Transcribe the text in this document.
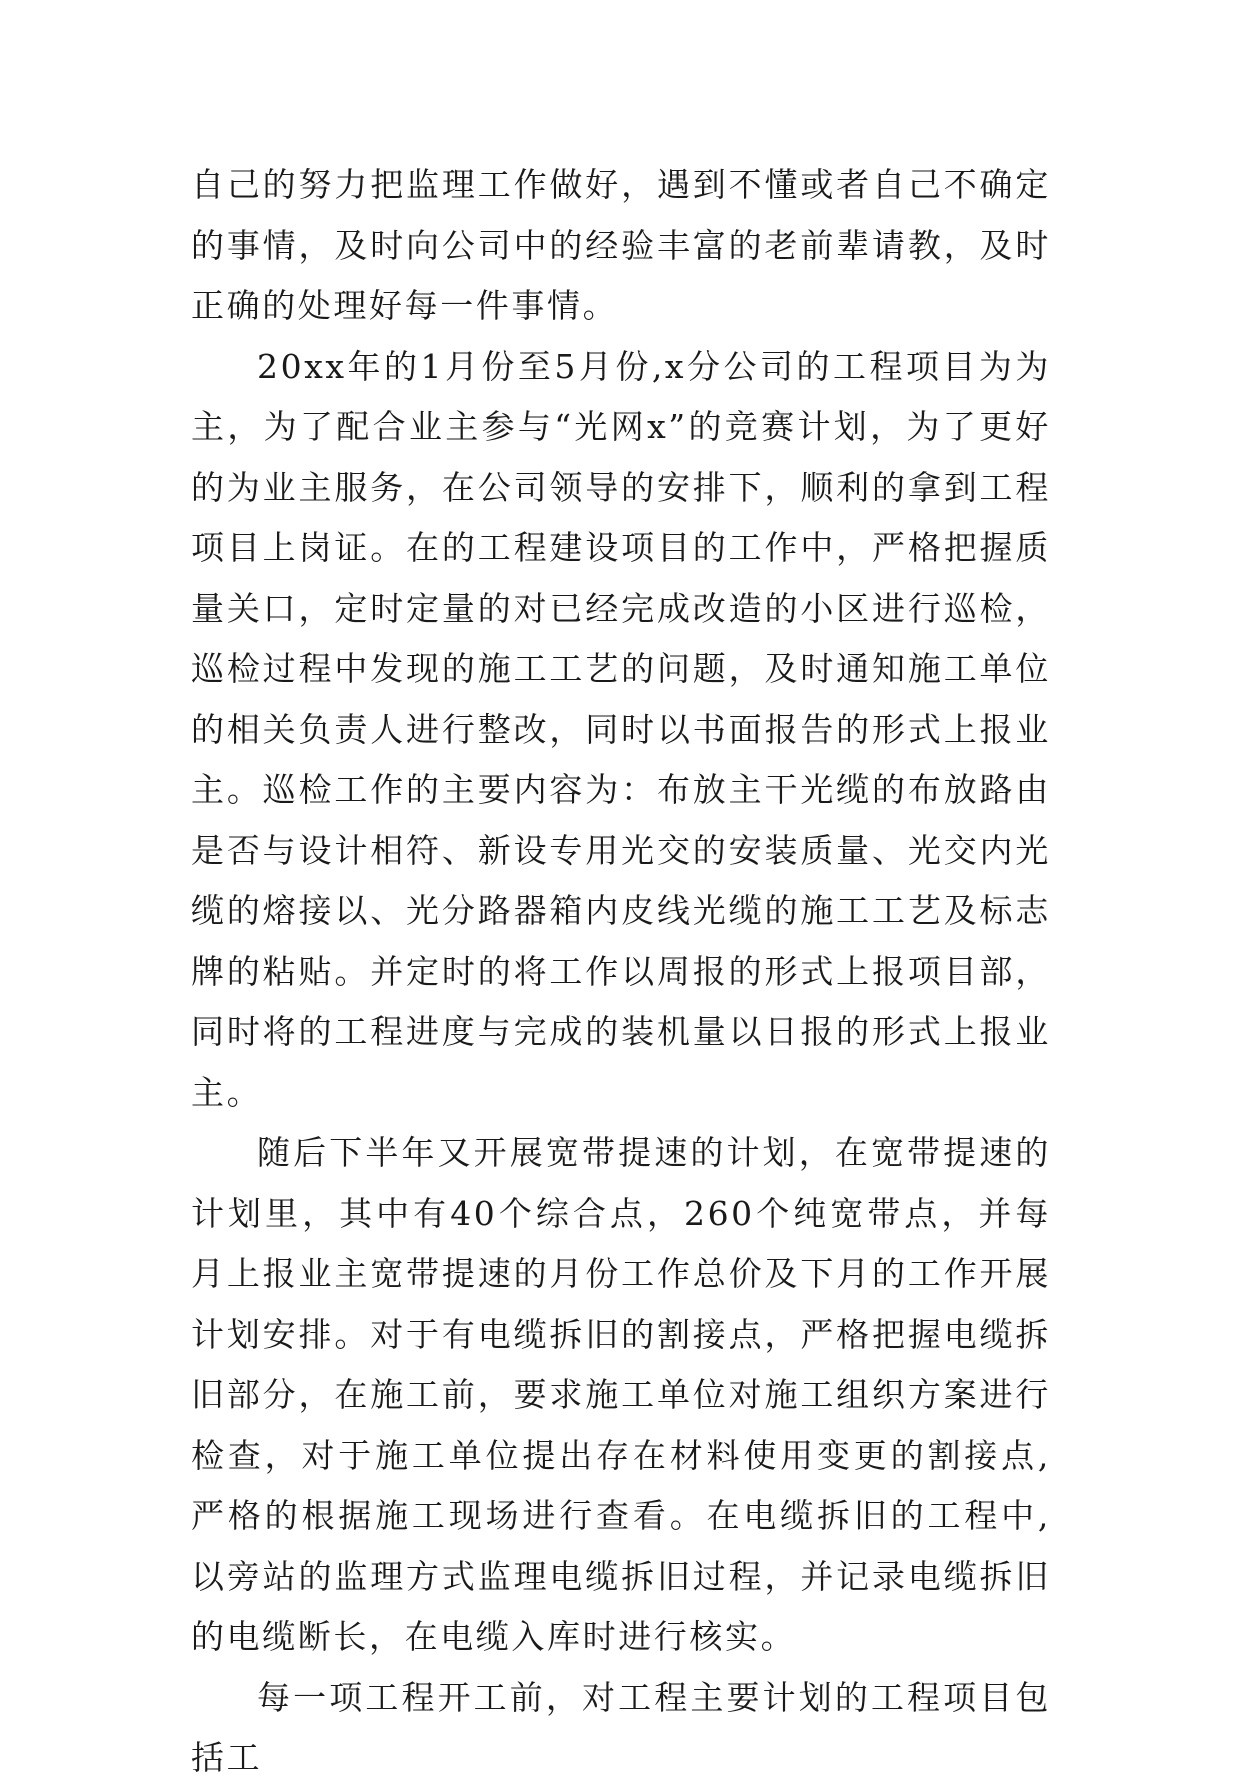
自己的努力把监理工作做好，遇到不懂或者自己不确定的事情，及时向公司中的经验丰富的老前辈请教，及时正确的处理好每一件事情。

20xx年的1月份至5月份,x分公司的工程项目为为主，为了配合业主参与“光网x”的竞赛计划，为了更好的为业主服务，在公司领导的安排下，顺利的拿到工程项目上岗证。在的工程建设项目的工作中，严格把握质量关口，定时定量的对已经完成改造的小区进行巡检，巡检过程中发现的施工工艺的问题，及时通知施工单位的相关负责人进行整改，同时以书面报告的形式上报业主。巡检工作的主要内容为：布放主干光缆的布放路由是否与设计相符、新设专用光交的安装质量、光交内光缆的熔接以、光分路器箱内皮线光缆的施工工艺及标志牌的粘贴。并定时的将工作以周报的形式上报项目部，同时将的工程进度与完成的装机量以日报的形式上报业主。

随后下半年又开展宽带提速的计划，在宽带提速的计划里，其中有40个综合点，260个纯宽带点，并每月上报业主宽带提速的月份工作总价及下月的工作开展计划安排。对于有电缆拆旧的割接点，严格把握电缆拆旧部分，在施工前，要求施工单位对施工组织方案进行检查，对于施工单位提出存在材料使用变更的割接点,严格的根据施工现场进行查看。在电缆拆旧的工程中,以旁站的监理方式监理电缆拆旧过程，并记录电缆拆旧的电缆断长，在电缆入库时进行核实。

每一项工程开工前，对工程主要计划的工程项目包括工
